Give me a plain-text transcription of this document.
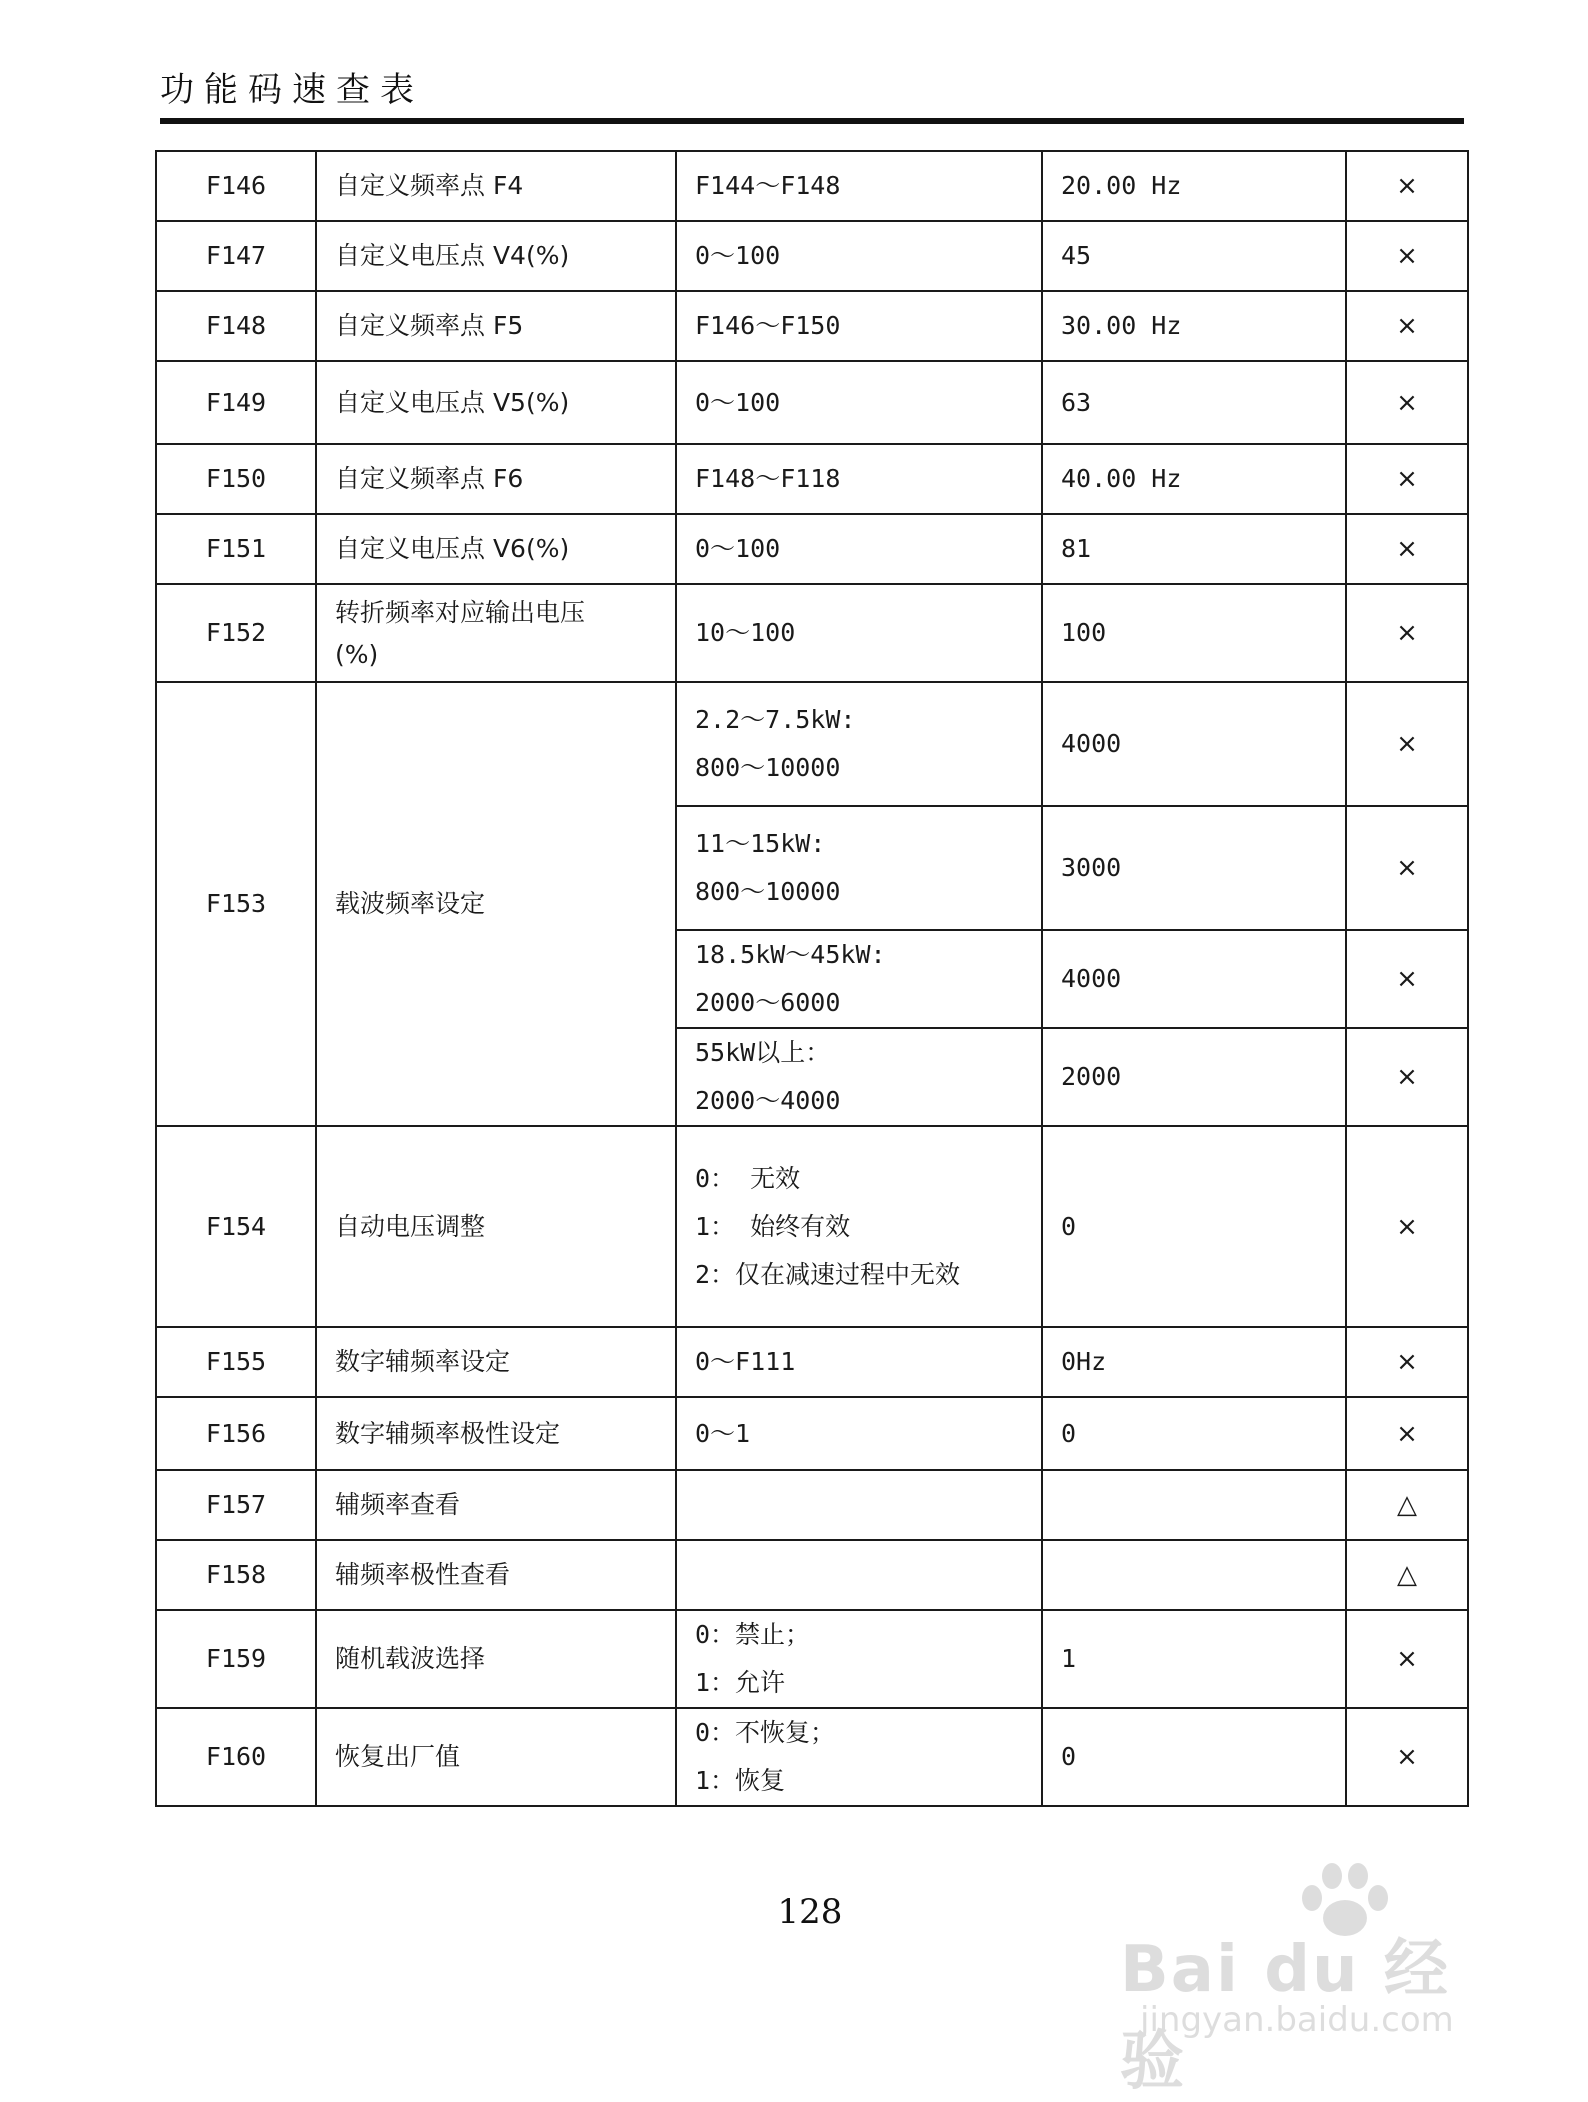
功能码速查表
F146	自定义频率点 F4	F144～F148	20.00 Hz	×
F147	自定义电压点 V4(%)	0～100	45	×
F148	自定义频率点 F5	F146～F150	30.00 Hz	×
F149	自定义电压点 V5(%)	0～100	63	×
F150	自定义频率点 F6	F148～F118	40.00 Hz	×
F151	自定义电压点 V6(%)	0～100	81	×
F152	转折频率对应输出电压
(%)	10～100	100	×
F153	载波频率设定	2.2～7.5kW:
800～10000	4000	×

		11～15kW:
800～10000	3000	×

		18.5kW～45kW:
2000～6000	4000	×

		55kW以上：
2000～4000	2000	×
F154	自动电压调整	0： 无效
1： 始终有效
2：仅在减速过程中无效	0	×
F155	数字辅频率设定	0～F111	0Hz	×
F156	数字辅频率极性设定	0～1	0	×
F157	辅频率查看			△
F158	辅频率极性查看			△
F159	随机载波选择	0：禁止；
1：允许	1	×
F160	恢复出厂值	0：不恢复；
1：恢复	0	×
128
Bai du 经验
jingyan.baidu.com
